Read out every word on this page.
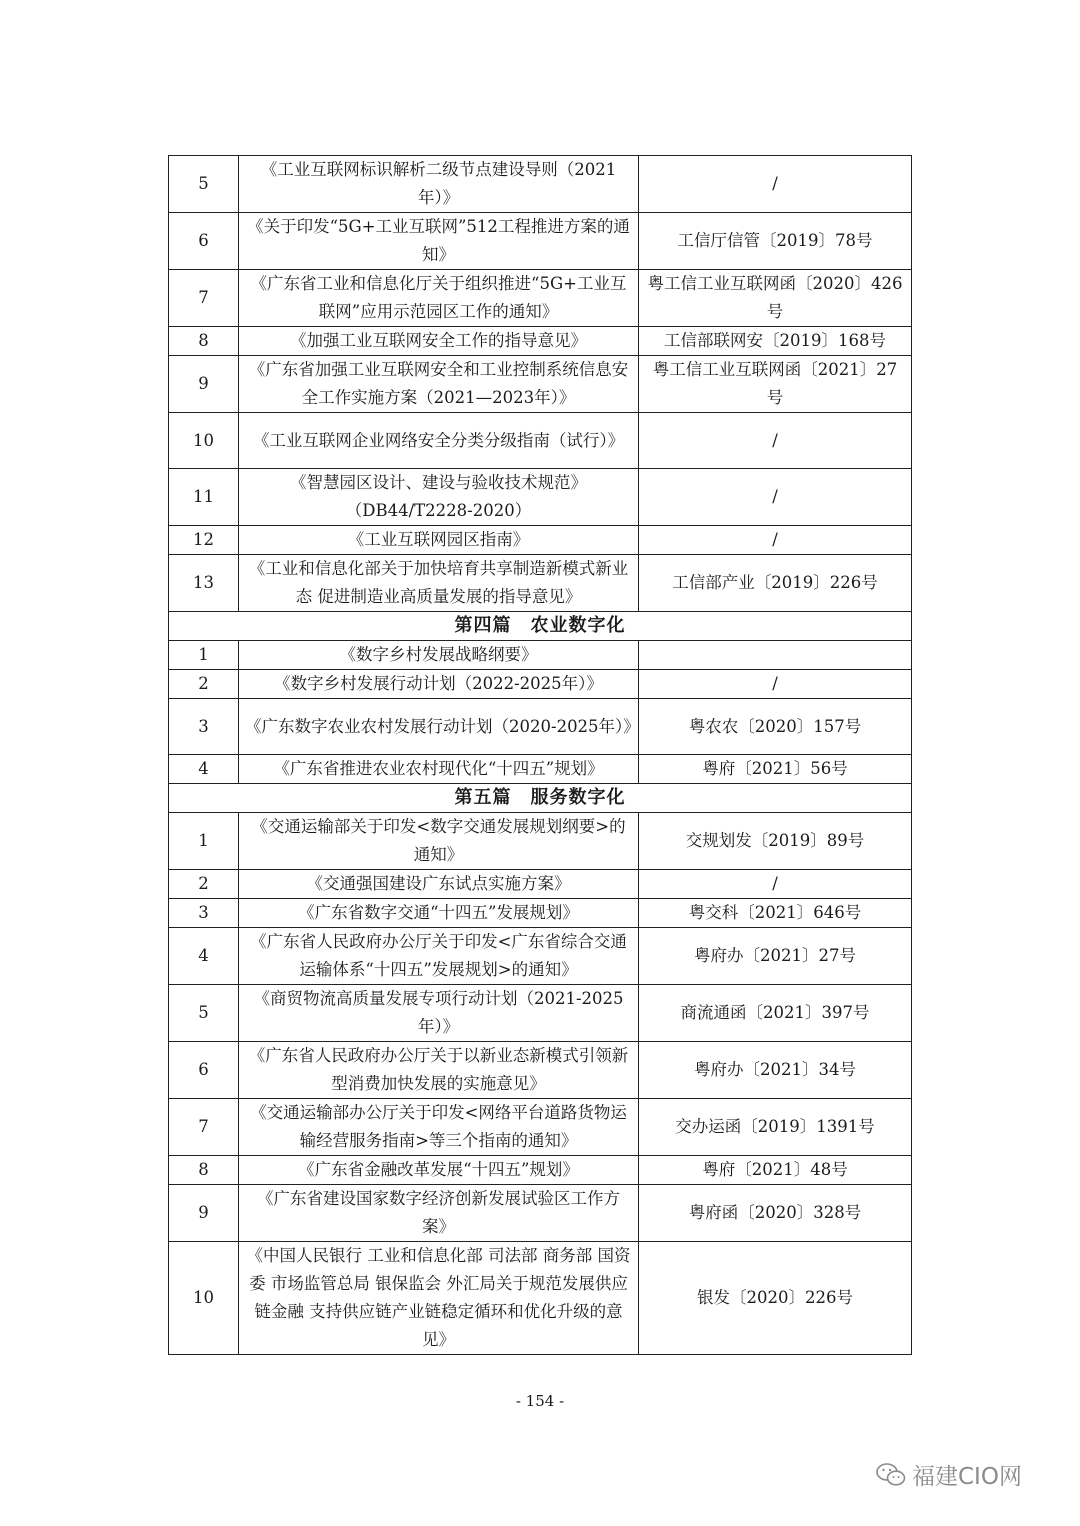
5	《工业互联网标识解析二级节点建设导则（2021年）》	/
6	《关于印发“5G+工业互联网”512工程推进方案的通知》	工信厅信管〔2019〕78号
7	《广东省工业和信息化厅关于组织推进“5G+工业互联网”应用示范园区工作的通知》	粤工信工业互联网函〔2020〕426号
8	《加强工业互联网安全工作的指导意见》	工信部联网安〔2019〕168号
9	《广东省加强工业互联网安全和工业控制系统信息安全工作实施方案（2021—2023年）》	粤工信工业互联网函〔2021〕27号
10	《工业互联网企业网络安全分类分级指南（试行）》	/
11	《智慧园区设计、建设与验收技术规范》（DB44/T2228-2020）	/
12	《工业互联网园区指南》	/
13	《工业和信息化部关于加快培育共享制造新模式新业态 促进制造业高质量发展的指导意见》	工信部产业〔2019〕226号
第四篇　农业数字化		
1	《数字乡村发展战略纲要》	
2	《数字乡村发展行动计划（2022-2025年）》	/
3	《广东数字农业农村发展行动计划（2020-2025年）》	粤农农〔2020〕157号
4	《广东省推进农业农村现代化“十四五”规划》	粤府〔2021〕56号
第五篇　服务数字化		
1	《交通运输部关于印发<数字交通发展规划纲要>的通知》	交规划发〔2019〕89号
2	《交通强国建设广东试点实施方案》	/
3	《广东省数字交通“十四五”发展规划》	粤交科〔2021〕646号
4	《广东省人民政府办公厅关于印发<广东省综合交通运输体系“十四五”发展规划>的通知》	粤府办〔2021〕27号
5	《商贸物流高质量发展专项行动计划（2021-2025年）》	商流通函〔2021〕397号
6	《广东省人民政府办公厅关于以新业态新模式引领新型消费加快发展的实施意见》	粤府办〔2021〕34号
7	《交通运输部办公厅关于印发<网络平台道路货物运输经营服务指南>等三个指南的通知》	交办运函〔2019〕1391号
8	《广东省金融改革发展“十四五”规划》	粤府〔2021〕48号
9	《广东省建设国家数字经济创新发展试验区工作方案》	粤府函〔2020〕328号
10	《中国人民银行 工业和信息化部 司法部 商务部 国资委 市场监管总局 银保监会 外汇局关于规范发展供应链金融 支持供应链产业链稳定循环和优化升级的意见》	银发〔2020〕226号
- 154 -
福建CIO网
